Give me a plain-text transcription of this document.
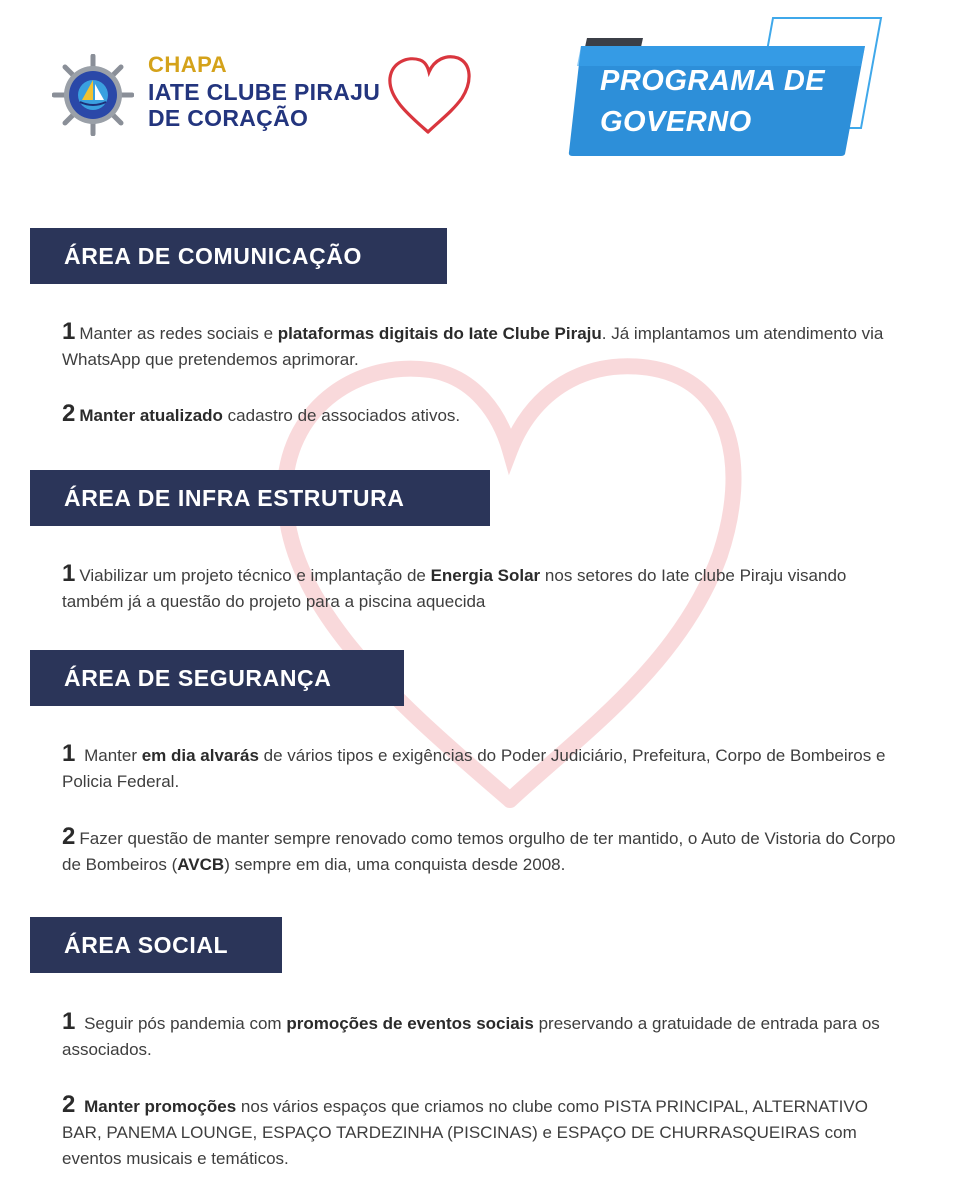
CHAPA
IATE CLUBE PIRAJU
DE CORAÇÃO
PROGRAMA DE
GOVERNO
ÁREA DE COMUNICAÇÃO
1 Manter as redes sociais e plataformas digitais do Iate Clube Piraju. Já implantamos um atendimento via WhatsApp que pretendemos aprimorar.
2 Manter atualizado cadastro de associados ativos.
ÁREA DE INFRA ESTRUTURA
1 Viabilizar um projeto técnico e implantação de Energia Solar nos setores do Iate clube Piraju visando também já a questão do projeto para a piscina aquecida
ÁREA DE SEGURANÇA
1 Manter em dia alvarás de vários tipos e exigências do Poder Judiciário, Prefeitura, Corpo de Bombeiros e Policia Federal.
2 Fazer questão de manter sempre renovado como temos orgulho de ter mantido, o Auto de Vistoria do Corpo de Bombeiros (AVCB) sempre em dia, uma conquista desde 2008.
ÁREA SOCIAL
1 Seguir pós pandemia com promoções de eventos sociais preservando a gratuidade de entrada para os associados.
2 Manter promoções nos vários espaços que criamos no clube como PISTA PRINCIPAL, ALTERNATIVO BAR, PANEMA LOUNGE, ESPAÇO TARDEZINHA (PISCINAS) e ESPAÇO DE CHURRASQUEIRAS com eventos musicais e temáticos.
